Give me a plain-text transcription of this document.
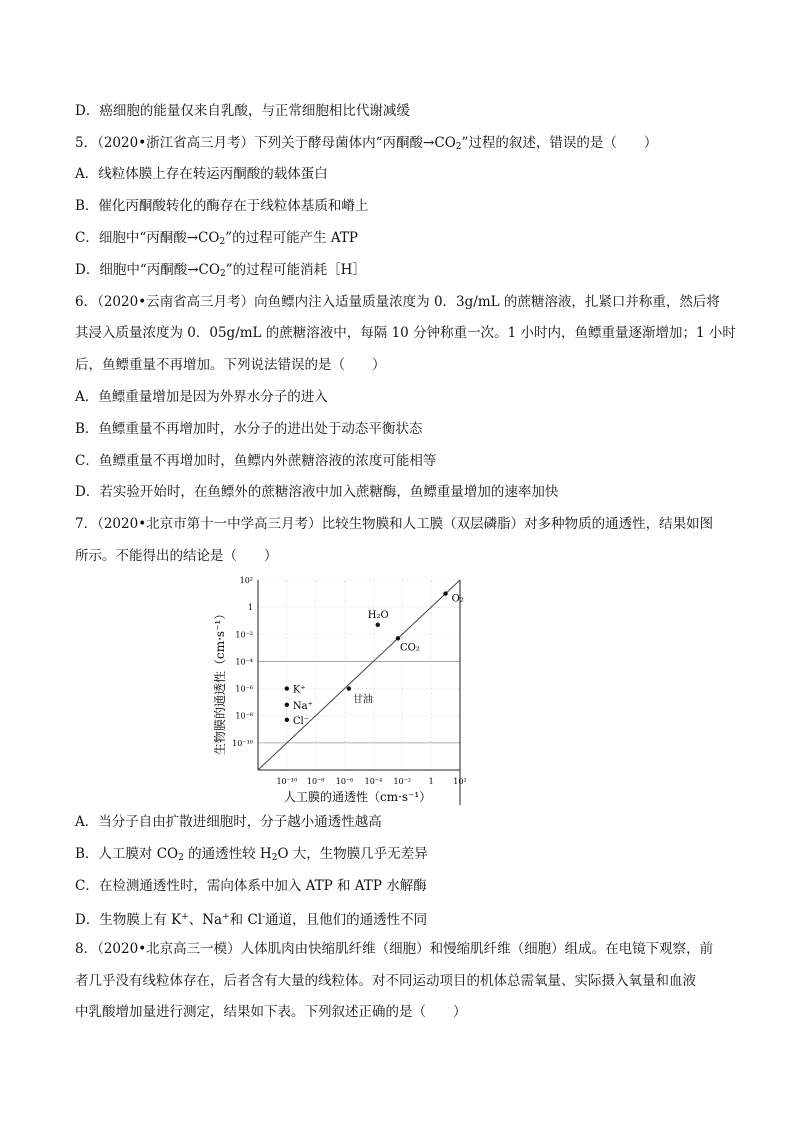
D．癌细胞的能量仅来自乳酸，与正常细胞相比代谢减缓
5．（2020•浙江省高三月考）下列关于酵母菌体内“丙酮酸$\to CO_2$”过程的叙述，错误的是（　　）
A．线粒体膜上存在转运丙酮酸的载体蛋白
B．催化丙酮酸转化的酶存在于线粒体基质和嵴上
C．细胞中“丙酮酸$\to CO_2$”的过程可能产生 ATP
D．细胞中“丙酮酸$\to CO_2$”的过程可能消耗［H］
6．（2020•云南省高三月考）向鱼鳔内注入适量质量浓度为 0．3g/mL 的蔗糖溶液，扎紧口并称重，然后将
其浸入质量浓度为 0．05g/mL 的蔗糖溶液中，每隔 10 分钟称重一次。1 小时内，鱼鳔重量逐渐增加；1 小时
后，鱼鳔重量不再增加。下列说法错误的是（　　）
A．鱼鳔重量增加是因为外界水分子的进入
B．鱼鳔重量不再增加时，水分子的进出处于动态平衡状态
C．鱼鳔重量不再增加时，鱼鳔内外蔗糖溶液的浓度可能相等
D．若实验开始时，在鱼鳔外的蔗糖溶液中加入蔗糖酶，鱼鳔重量增加的速率加快
7．（2020•北京市第十一中学高三月考）比较生物膜和人工膜（双层磷脂）对多种物质的通透性，结果如图
所示。不能得出的结论是（　　）
10²
1
10⁻²
10⁻⁴
10⁻⁶
10⁻⁸
10⁻¹⁰
10⁻¹⁰ 10⁻⁸ 10⁻⁶ 10⁻⁴ 10⁻² 1 10²
O₂
H₂O
CO₂
甘油
K⁺
Na⁺
Cl⁻
人工膜的通透性（cm·s⁻¹）
生物膜的通透性（cm·s⁻¹）
A．当分子自由扩散进细胞时，分子越小通透性越高
B．人工膜对 $CO_2$ 的通透性较 $H_2O$ 大，生物膜几乎无差异
C．在检测通透性时，需向体系中加入 ATP 和 ATP 水解酶
D．生物膜上有 K+、Na+和 Cl-通道，且他们的通透性不同
8．（2020•北京高三一模）人体肌肉由快缩肌纤维（细胞）和慢缩肌纤维（细胞）组成。在电镜下观察，前
者几乎没有线粒体存在，后者含有大量的线粒体。对不同运动项目的机体总需氧量、实际摄入氧量和血液
中乳酸增加量进行测定，结果如下表。下列叙述正确的是（　　）
